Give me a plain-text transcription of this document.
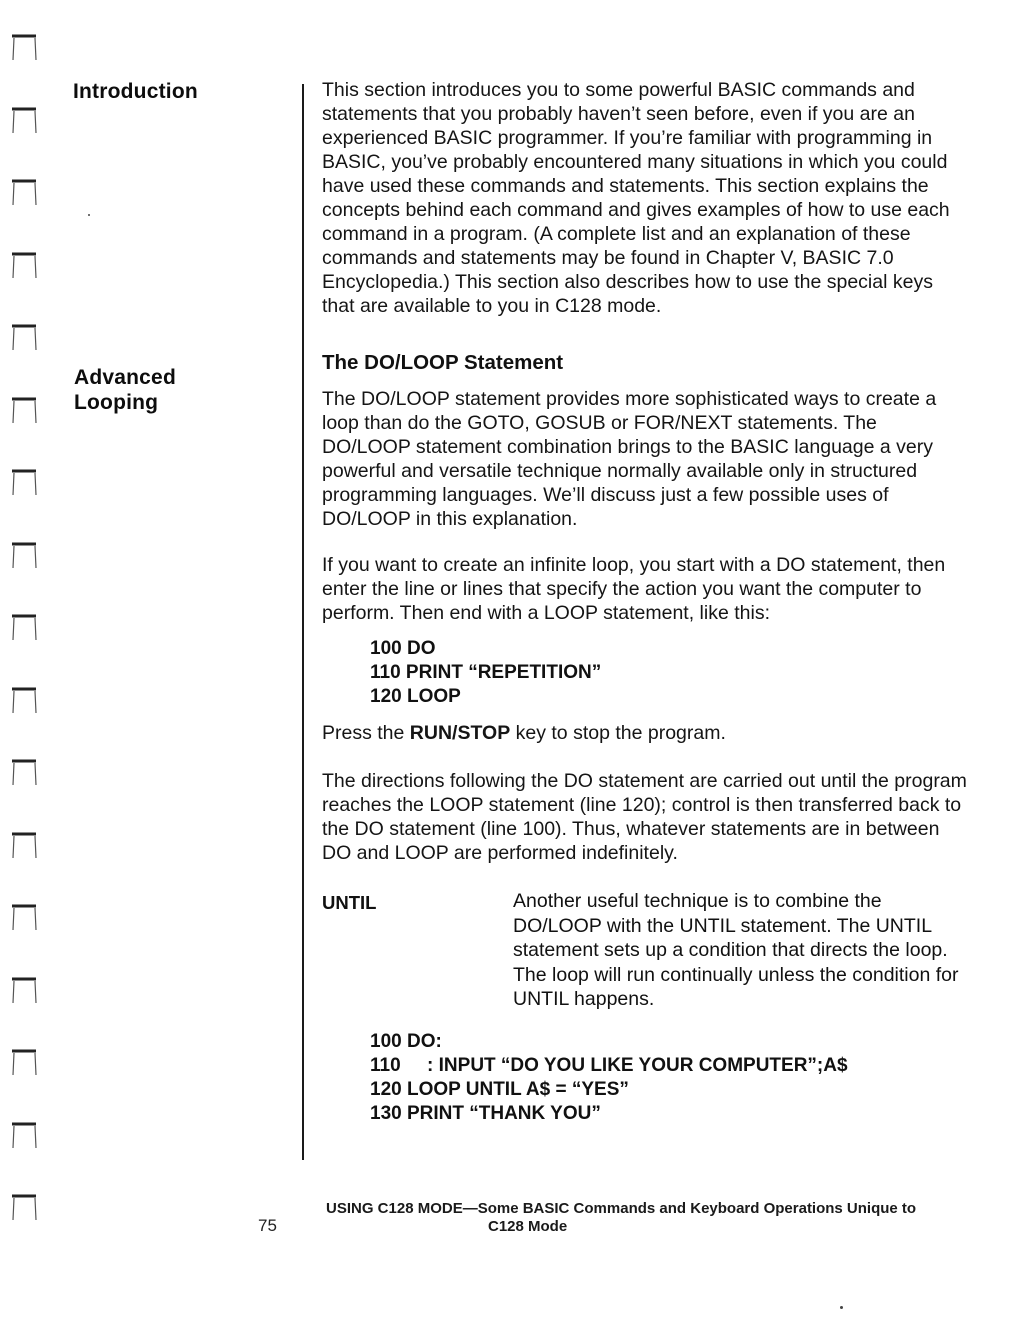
Introduction
Advanced
Looping

This section introduces you to some powerful BASIC commands and statements that you probably haven’t seen before, even if you are an experienced BASIC programmer. If you’re familiar with programming in BASIC, you’ve probably encountered many situations in which you could have used these commands and statements. This section explains the concepts behind each command and gives examples of how to use each command in a program. (A complete list and an explanation of these commands and statements may be found in Chapter V, BASIC 7.0 Encyclopedia.) This section also describes how to use the special keys that are available to you in C128 mode.

The DO/LOOP Statement

The DO/LOOP statement provides more sophisticated ways to create a loop than do the GOTO, GOSUB or FOR/NEXT statements. The DO/LOOP statement combination brings to the BASIC language a very powerful and versatile technique normally available only in structured programming languages. We’ll discuss just a few possible uses of DO/LOOP in this explanation.

If you want to create an infinite loop, you start with a DO statement, then enter the line or lines that specify the action you want the computer to perform. Then end with a LOOP statement, like this:

100 DO
110 PRINT “REPETITION”
120 LOOP

Press the RUN/STOP key to stop the program.

The directions following the DO statement are carried out until the program reaches the LOOP statement (line 120); control is then transferred back to the DO statement (line 100). Thus, whatever statements are in between DO and LOOP are performed indefinitely.

UNTIL	Another useful technique is to combine the DO/LOOP with the UNTIL statement. The UNTIL statement sets up a condition that directs the loop. The loop will run continually unless the condition for UNTIL happens.
100 DO:
110     : INPUT “DO YOU LIKE YOUR COMPUTER”;A$
120 LOOP UNTIL A$ = “YES”
130 PRINT “THANK YOU”
75
USING C128 MODE—Some BASIC Commands and Keyboard Operations Unique to
C128 Mode
